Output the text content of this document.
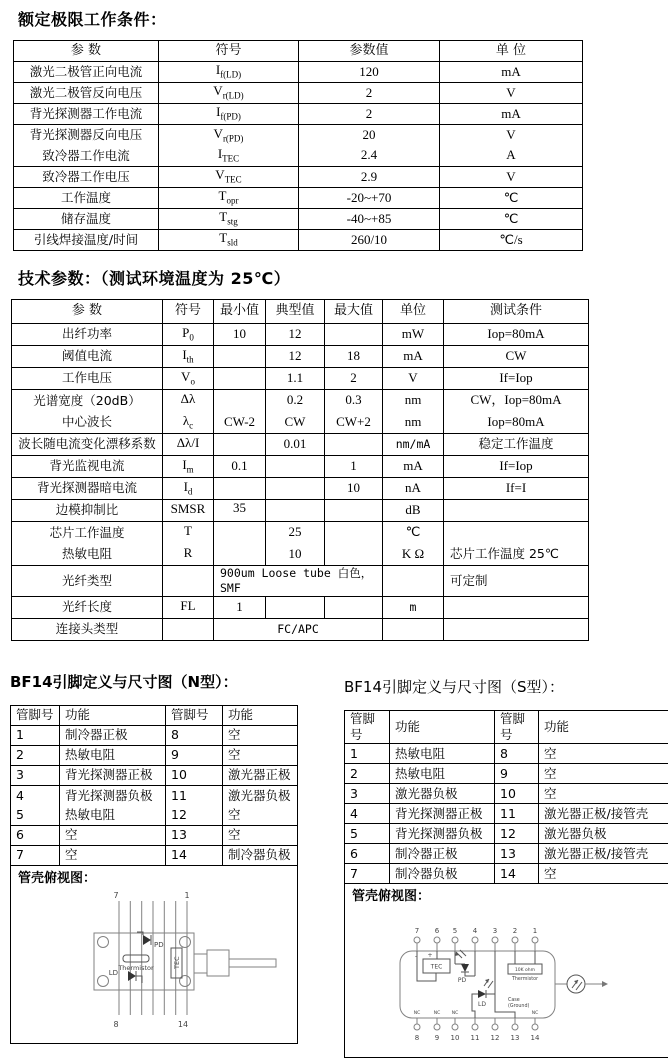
额定极限工作条件：
参 数	符号	参数值	单 位
激光二极管正向电流	$I_{f(LD)}$	120	mA
激光二极管反向电压	$V_{r(LD)}$	2	V
背光探测器工作电流	$I_{f(PD)}$	2	mA
背光探测器反向电压	$V_{r(PD)}$	20	V
致冷器工作电流	$I_{TEC}$	2.4	A
致冷器工作电压	$V_{TEC}$	2.9	V
工作温度	$T_{opr}$	-20~+70	℃
储存温度	$T_{stg}$	-40~+85	℃
引线焊接温度/时间	$T_{sld}$	260/10	℃/s
技术参数：（测试环境温度为 25℃）
参 数	符号	最小值	典型值	最大值	单位	测试条件
出纤功率	$P_0$	10	12		mW	Iop=80mA
阈值电流	$I_{th}$		12	18	mA	CW
工作电压	$V_o$		1.1	2	V	If=Iop
光谱宽度（20dB）	Δλ		0.2	0.3	nm	CW，Iop=80mA
中心波长	$\lambda_c$	CW-2	CW	CW+2	nm	Iop=80mA
波长随电流变化漂移系数	Δλ/I		0.01		nm/mA	稳定工作温度
背光监视电流	$I_m$	0.1		1	mA	If=Iop
背光探测器暗电流	$I_d$			10	nA	If=I
边模抑制比	SMSR	35			dB	
芯片工作温度	T		25		℃	芯片工作温度 25℃
热敏电阻	R		10		K Ω	
光纤类型		900um Loose tube 白色，SMF				可定制
光纤长度	FL	1			m	
连接头类型		FC/APC				
BF14引脚定义与尺寸图（N型）：
管脚号	功能	管脚号	功能
1	制冷器正极	8	空
2	热敏电阻	9	空
3	背光探测器正极	10	激光器正极
4	背光探测器负极	11	激光器负极
5	热敏电阻	12	空
6	空	13	空
7	空	14	制冷器负极

管壳俯视图：
PD
Thermistor	TEC
LD
7	1
8	14
BF14引脚定义与尺寸图（S型）：
管脚号	功能	管脚号	功能
1	热敏电阻	8	空
2	热敏电阻	9	空
3	激光器负极	10	空
4	背光探测器正极	11	激光器正极/接管壳
5	背光探测器负极	12	激光器负极
6	制冷器正极	13	激光器正极/接管壳
7	制冷器负极	14	空

管壳俯视图：
7 6 5 4 3 2 1
- +
TEC
PD
10K ohm
Thermistor
LD
Case
(Ground)
NC	NC	NC	NC
8 9 10 11 12 13 14
